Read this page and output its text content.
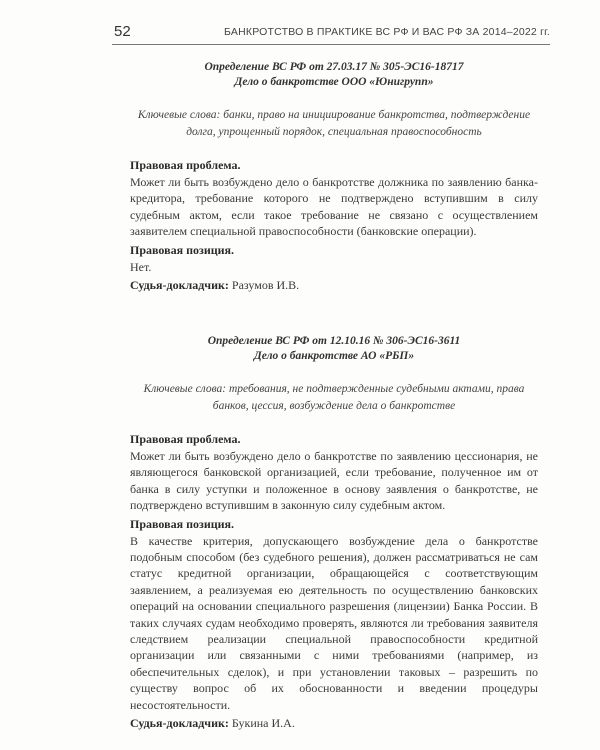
52	БАНКРОТСТВО В ПРАКТИКЕ ВС РФ И ВАС РФ ЗА 2014–2022 гг.
Определение ВС РФ от 27.03.17 № 305-ЭС16-18717
Дело о банкротстве ООО «Юнигрупп»
Ключевые слова: банки, право на инициирование банкротства, подтверждение долга, упрощенный порядок, специальная правоспособность
Правовая проблема.
Может ли быть возбуждено дело о банкротстве должника по заявлению банка-кредитора, требование которого не подтверждено вступившим в силу судебным актом, если такое требование не связано с осуществлением заявителем специальной правоспособности (банковские операции).
Правовая позиция.
Нет.
Судья-докладчик: Разумов И.В.
Определение ВС РФ от 12.10.16 № 306-ЭС16-3611
Дело о банкротстве АО «РБП»
Ключевые слова: требования, не подтвержденные судебными актами, права банков, цессия, возбуждение дела о банкротстве
Правовая проблема.
Может ли быть возбуждено дело о банкротстве по заявлению цессионария, не являющегося банковской организацией, если требование, полученное им от банка в силу уступки и положенное в основу заявления о банкротстве, не подтверждено вступившим в законную силу судебным актом.
Правовая позиция.
В качестве критерия, допускающего возбуждение дела о банкротстве подобным способом (без судебного решения), должен рассматриваться не сам статус кредитной организации, обращающейся с соответствующим заявлением, а реализуемая ею деятельность по осуществлению банковских операций на основании специального разрешения (лицензии) Банка России. В таких случаях судам необходимо проверять, являются ли требования заявителя следствием реализации специальной правоспособности кредитной организации или связанными с ними требованиями (например, из обеспечительных сделок), и при установлении таковых – разрешить по существу вопрос об их обоснованности и введении процедуры несостоятельности.
Судья-докладчик: Букина И.А.
